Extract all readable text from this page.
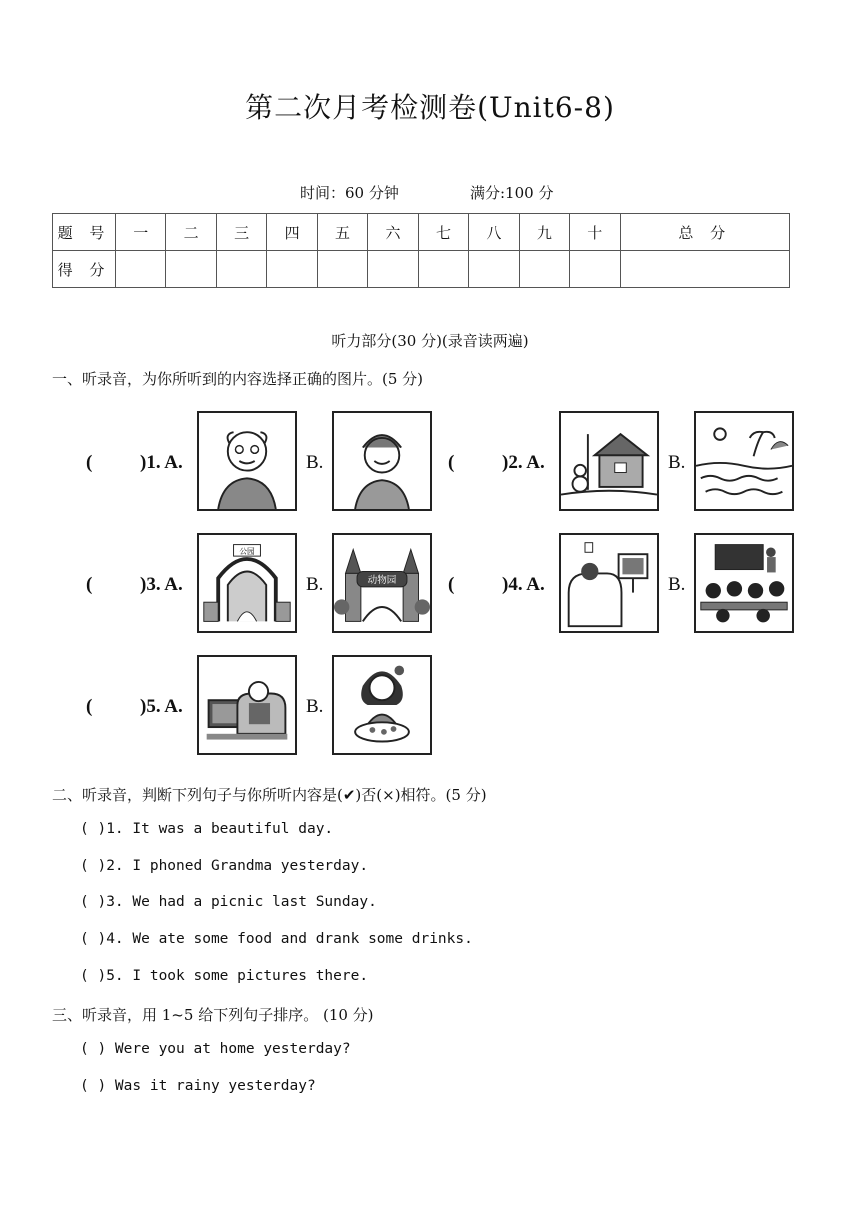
第二次月考检测卷(Unit6-8)
时间：60 分钟	满分:100 分
题 号	一	二	三	四	五	六	七	八	九	十	总 分
得 分											
听力部分(30 分)(录音读两遍)
一、听录音，为你所听到的内容选择正确的图片。(5 分)
(	)1. A.	B.	(	)2. A.	B.
(	)3. A.
公园
B.	动物园	(	)4. A.	B.
(	)5. A.	B.
二、听录音，判断下列句子与你所听内容是(✔)否(×)相符。(5 分)
( )1. It was a beautiful day.
( )2. I phoned Grandma yesterday.
( )3. We had a picnic last Sunday.
( )4. We ate some food and drank some drinks.
( )5. I took some pictures there.
三、听录音，用 1~5 给下列句子排序。 (10 分)
( ) Were you at home yesterday?
( ) Was it rainy yesterday?
